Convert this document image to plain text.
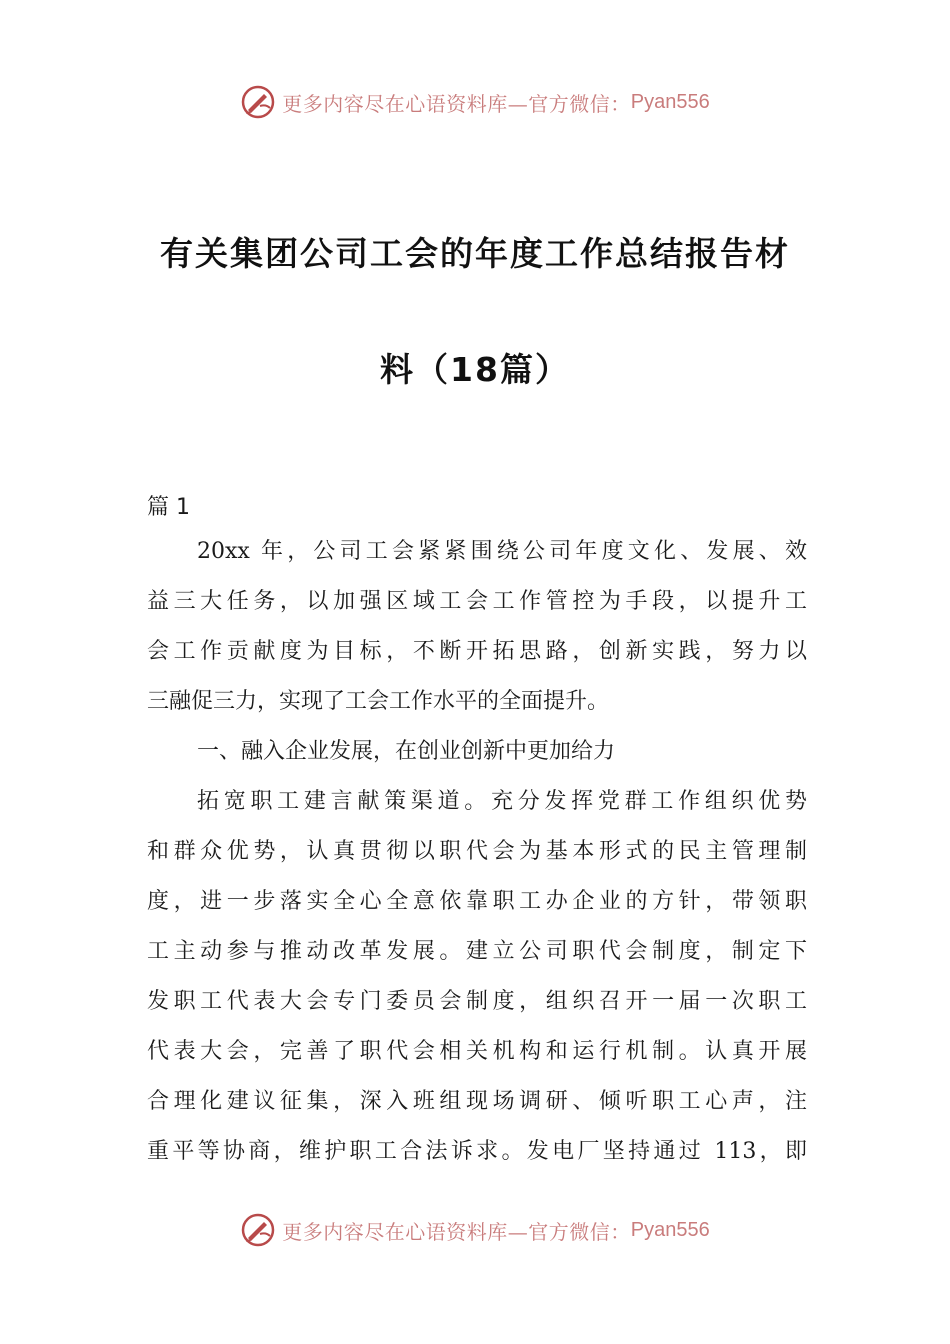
更多内容尽在心语资料库—官方微信： Pyan556
有关集团公司工会的年度工作总结报告材
料（18篇）
篇 1
20xx 年，公司工会紧紧围绕公司年度文化、发展、效
益三大任务，以加强区域工会工作管控为手段，以提升工
会工作贡献度为目标，不断开拓思路，创新实践，努力以
三融促三力，实现了工会工作水平的全面提升。
一、融入企业发展，在创业创新中更加给力
拓宽职工建言献策渠道。充分发挥党群工作组织优势
和群众优势，认真贯彻以职代会为基本形式的民主管理制
度，进一步落实全心全意依靠职工办企业的方针，带领职
工主动参与推动改革发展。建立公司职代会制度，制定下
发职工代表大会专门委员会制度，组织召开一届一次职工
代表大会，完善了职代会相关机构和运行机制。认真开展
合理化建议征集，深入班组现场调研、倾听职工心声，注
重平等协商，维护职工合法诉求。发电厂坚持通过 113，即
更多内容尽在心语资料库—官方微信： Pyan556
